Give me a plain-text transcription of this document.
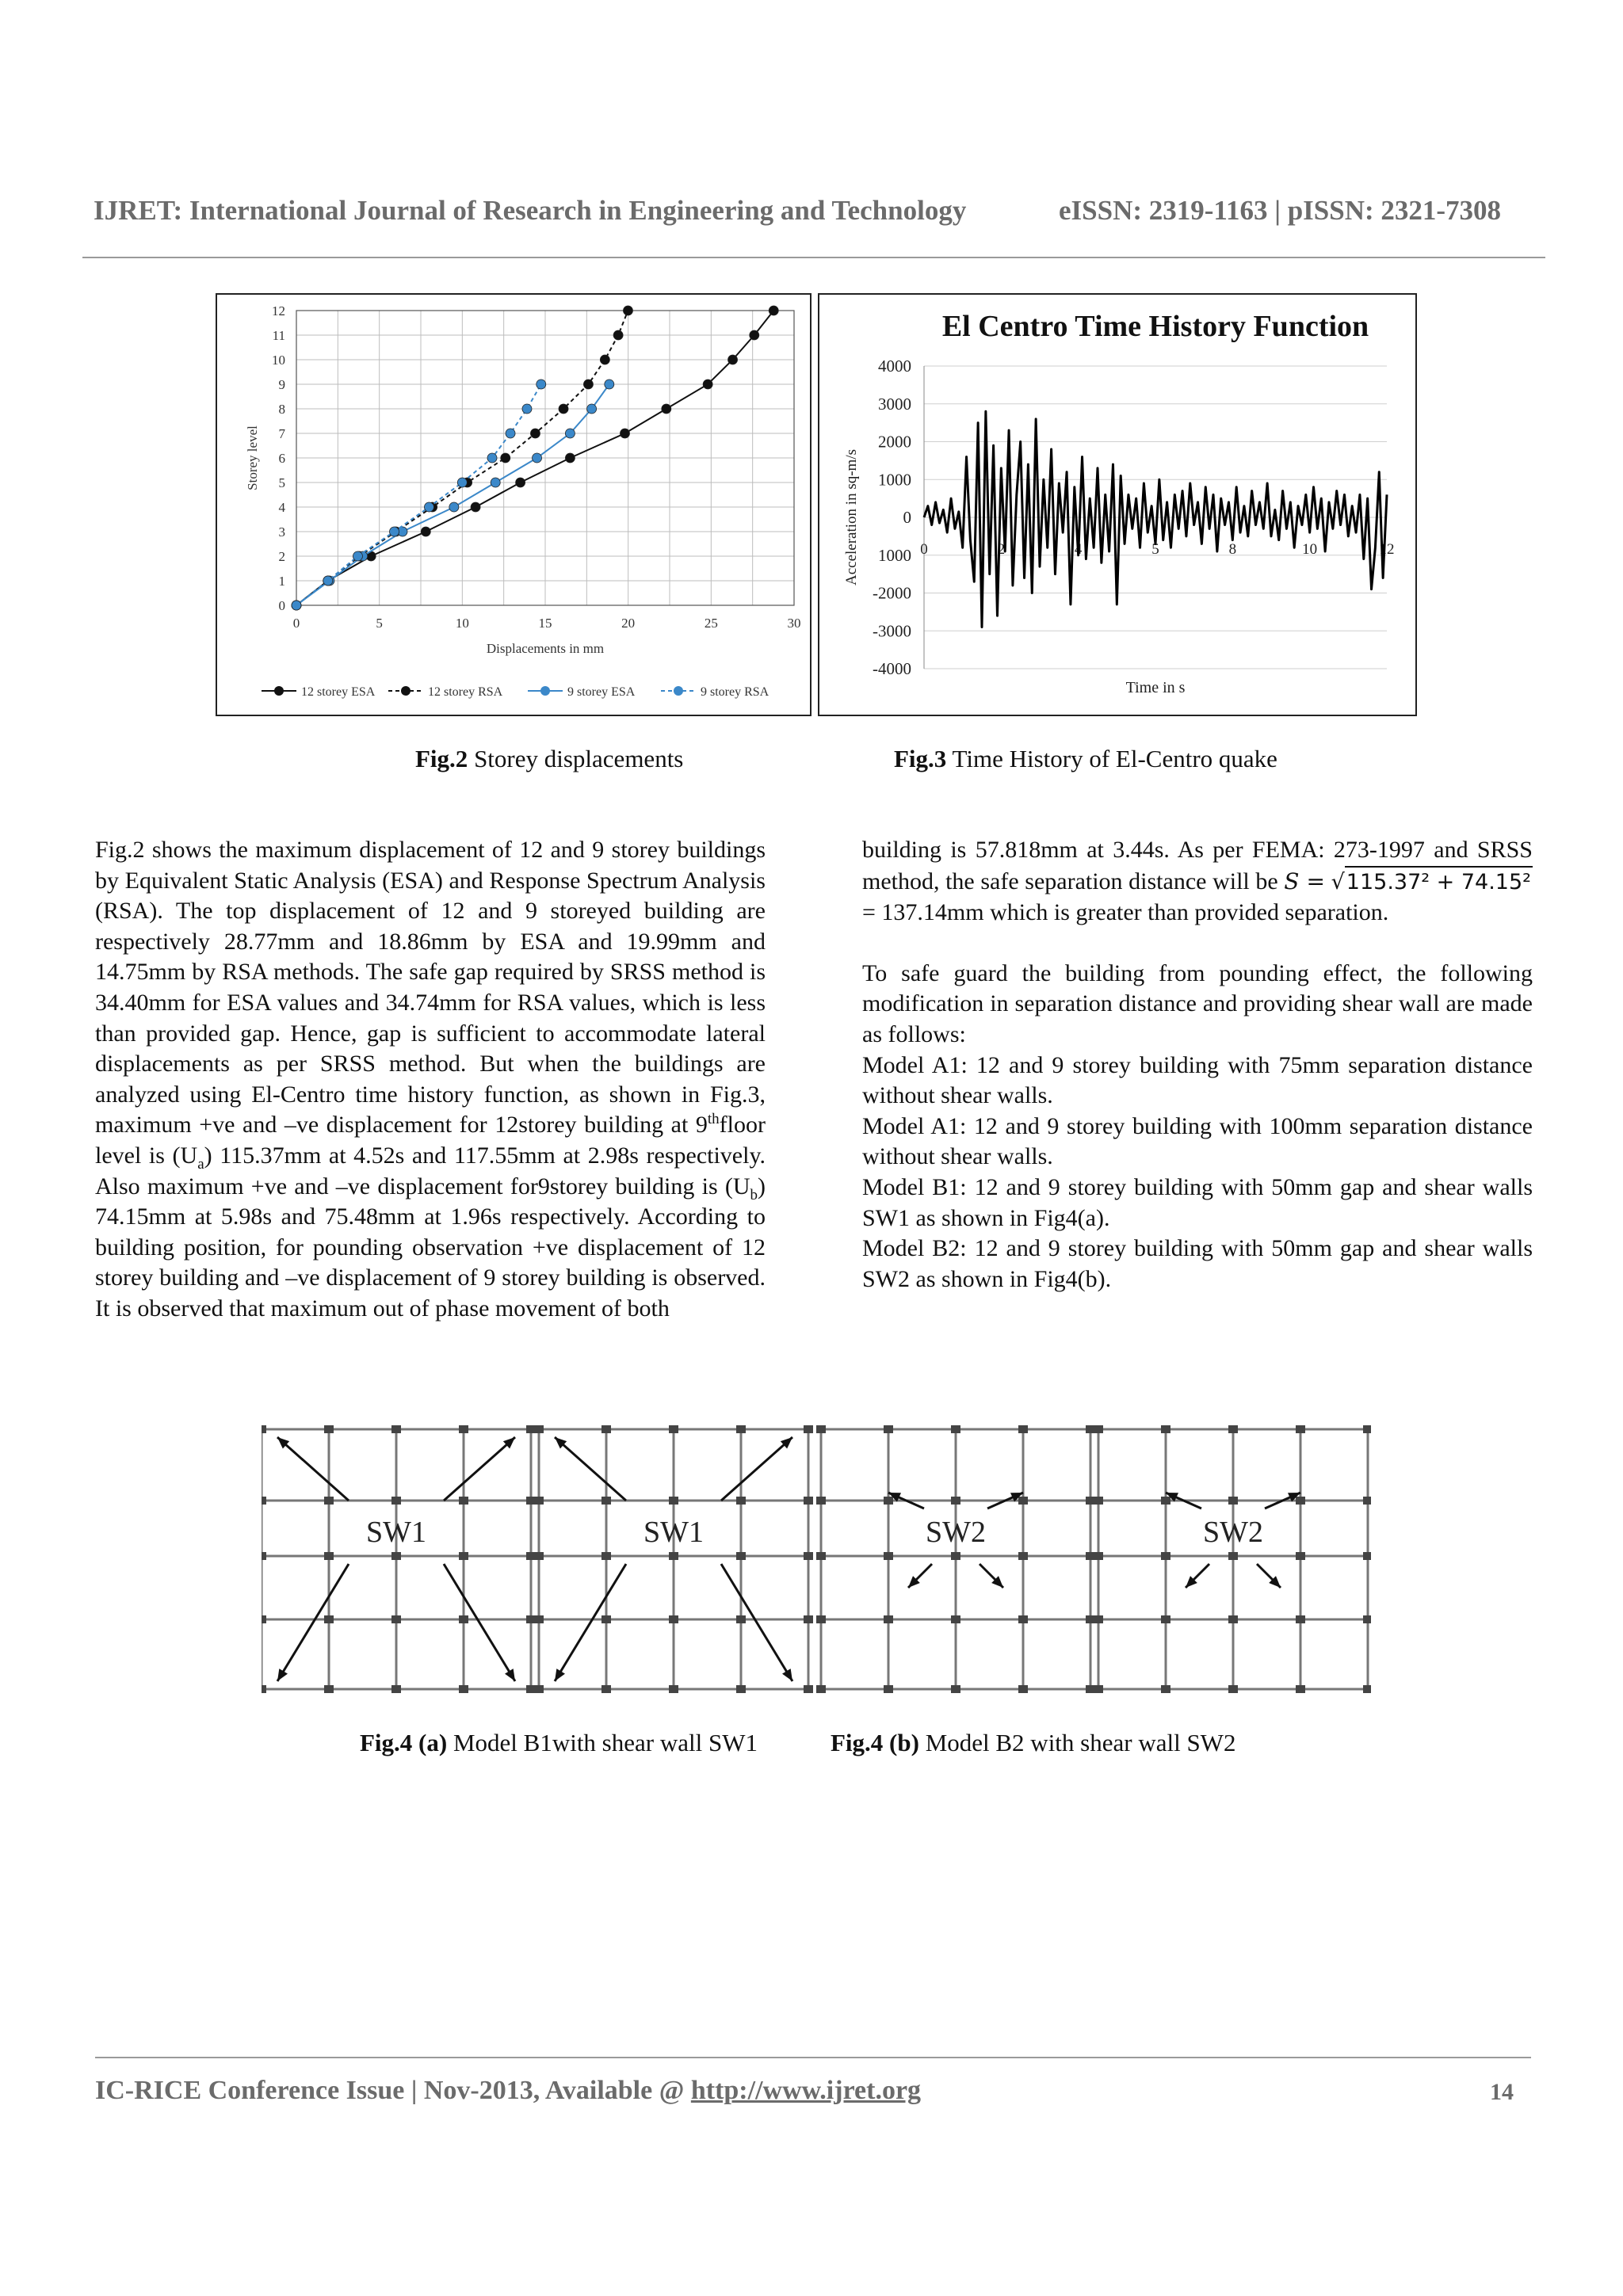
IJRET: International Journal of Research in Engineering and Technology	eISSN: 2319-1163 | pISSN: 2321-7308
0
1
2
3
4
5
6
7
8
9
10
11
12
0	5	10	15	20	25	30
Displacements in mm
Storey level
12 storey ESA	12 storey RSA	9 storey ESA	9 storey RSA
El Centro Time History Function
4000
3000
2000
1000
0
1000
-2000
-3000
-4000
0	2	4	5	8	10	12
Time in s
Acceleration in sq-m/s
Fig.2 Storey displacements	Fig.3 Time History of El-Centro quake

Fig.2 shows the maximum displacement of 12 and 9 storey buildings by Equivalent Static Analysis (ESA) and Response Spectrum Analysis (RSA). The top displacement of 12 and 9 storeyed building are respectively 28.77mm and 18.86mm by ESA and 19.99mm and 14.75mm by RSA methods. The safe gap required by SRSS method is 34.40mm for ESA values and 34.74mm for RSA values, which is less than provided gap. Hence, gap is sufficient to accommodate lateral displacements as per SRSS method. But when the buildings are analyzed using El-Centro time history function, as shown in Fig.3, maximum +ve and –ve displacement for 12storey building at 9thfloor level is $(U_a)$ 115.37mm at 4.52s and 117.55mm at 2.98s respectively. Also maximum +ve and –ve displacement for9storey building is $(U_b)$ 74.15mm at 5.98s and 75.48mm at 1.96s respectively. According to building position, for pounding observation +ve displacement of 12 storey building and –ve displacement of 9 storey building is observed. It is observed that maximum out of phase movement of both

building is 57.818mm at 3.44s. As per FEMA: 273-1997 and SRSS method, the safe separation distance will be S = √115.37² + 74.15² = 137.14mm which is greater than provided separation.

To safe guard the building from pounding effect, the following modification in separation distance and providing shear wall are made as follows:

Model A1: 12 and 9 storey building with 75mm separation distance without shear walls.

Model A1: 12 and 9 storey building with 100mm separation distance without shear walls.

Model B1: 12 and 9 storey building with 50mm gap and shear walls SW1 as shown in Fig4(a).

Model B2: 12 and 9 storey building with 50mm gap and shear walls SW2 as shown in Fig4(b).

SW1	SW1	SW2	SW2
Fig.4 (a) Model B1with shear wall SW1	Fig.4 (b) Model B2 with shear wall SW2
IC-RICE Conference Issue | Nov-2013, Available @ http://www.ijret.org	14
